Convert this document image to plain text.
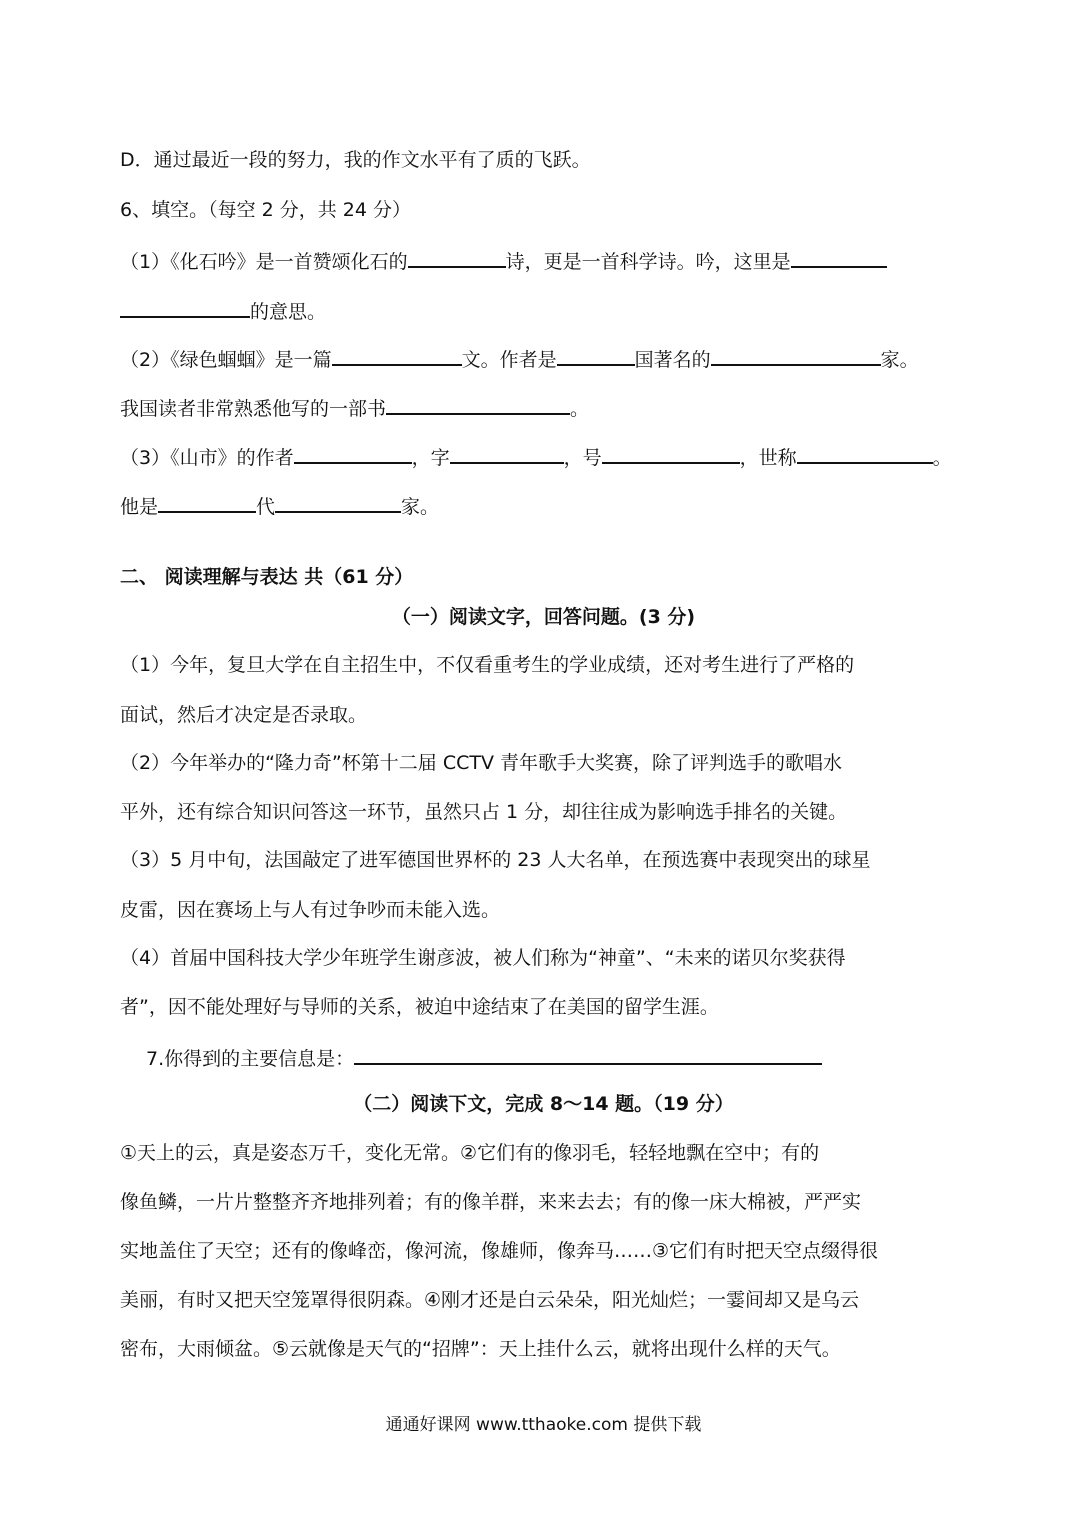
D．通过最近一段的努力，我的作文水平有了质的飞跃。
6、填空。（每空 2 分，共 24 分）
（1）《化石吟》是一首赞颂化石的	诗，更是一首科学诗。吟，这里是
的意思。
（2）《绿色蝈蝈》是一篇	文。作者是	国著名的	家。
我国读者非常熟悉他写的一部书	。
（3）《山市》的作者	，字	，号	，世称	。
他是	代	家。
二、 阅读理解与表达 共（61 分）
（一）阅读文字，回答问题。(3 分)
（1）今年，复旦大学在自主招生中，不仅看重考生的学业成绩，还对考生进行了严格的
面试，然后才决定是否录取。
（2）今年举办的“隆力奇”杯第十二届 CCTV 青年歌手大奖赛，除了评判选手的歌唱水
平外，还有综合知识问答这一环节，虽然只占 1 分，却往往成为影响选手排名的关键。
（3）5 月中旬，法国敲定了进军德国世界杯的 23 人大名单，在预选赛中表现突出的球星
皮雷，因在赛场上与人有过争吵而未能入选。
（4）首届中国科技大学少年班学生谢彦波，被人们称为“神童”、“未来的诺贝尔奖获得
者”，因不能处理好与导师的关系，被迫中途结束了在美国的留学生涯。
7.你得到的主要信息是：
（二）阅读下文，完成 8～14 题。（19 分）
①天上的云，真是姿态万千，变化无常。②它们有的像羽毛，轻轻地飘在空中；有的
像鱼鳞，一片片整整齐齐地排列着；有的像羊群，来来去去；有的像一床大棉被，严严实
实地盖住了天空；还有的像峰峦，像河流，像雄师，像奔马……③它们有时把天空点缀得很
美丽，有时又把天空笼罩得很阴森。④刚才还是白云朵朵，阳光灿烂；一霎间却又是乌云
密布，大雨倾盆。⑤云就像是天气的“招牌”：天上挂什么云，就将出现什么样的天气。
通通好课网 www.tthaoke.com 提供下载
